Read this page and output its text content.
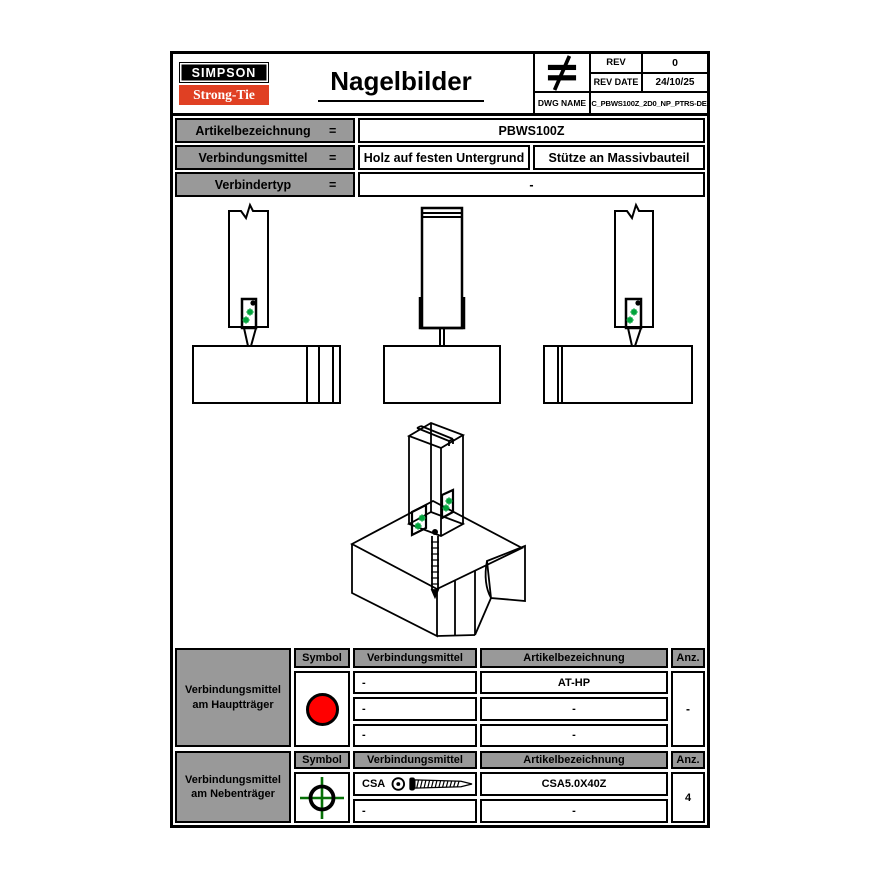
SIMPSON
Strong-Tie	Nagelbilder
REV	0
REV DATE	24/10/25
DWG NAME C_PBWS100Z_2D0_NP_PTRS-DE
Artikelbezeichnung	=	PBWS100Z
Verbindungsmittel	=	Holz auf festen Untergrund	Stütze an Massivbauteil
Verbindertyp	=	-
Verbindungsmittel am Hauptträger
Symbol	Verbindungsmittel	Artikelbezeichnung	Anz.
-	AT-HP
-	-
-	-
-
Verbindungsmittel am Nebenträger
Symbol	Verbindungsmittel	Artikelbezeichnung	Anz.
CSA	CSA5.0X40Z
-	-
4
